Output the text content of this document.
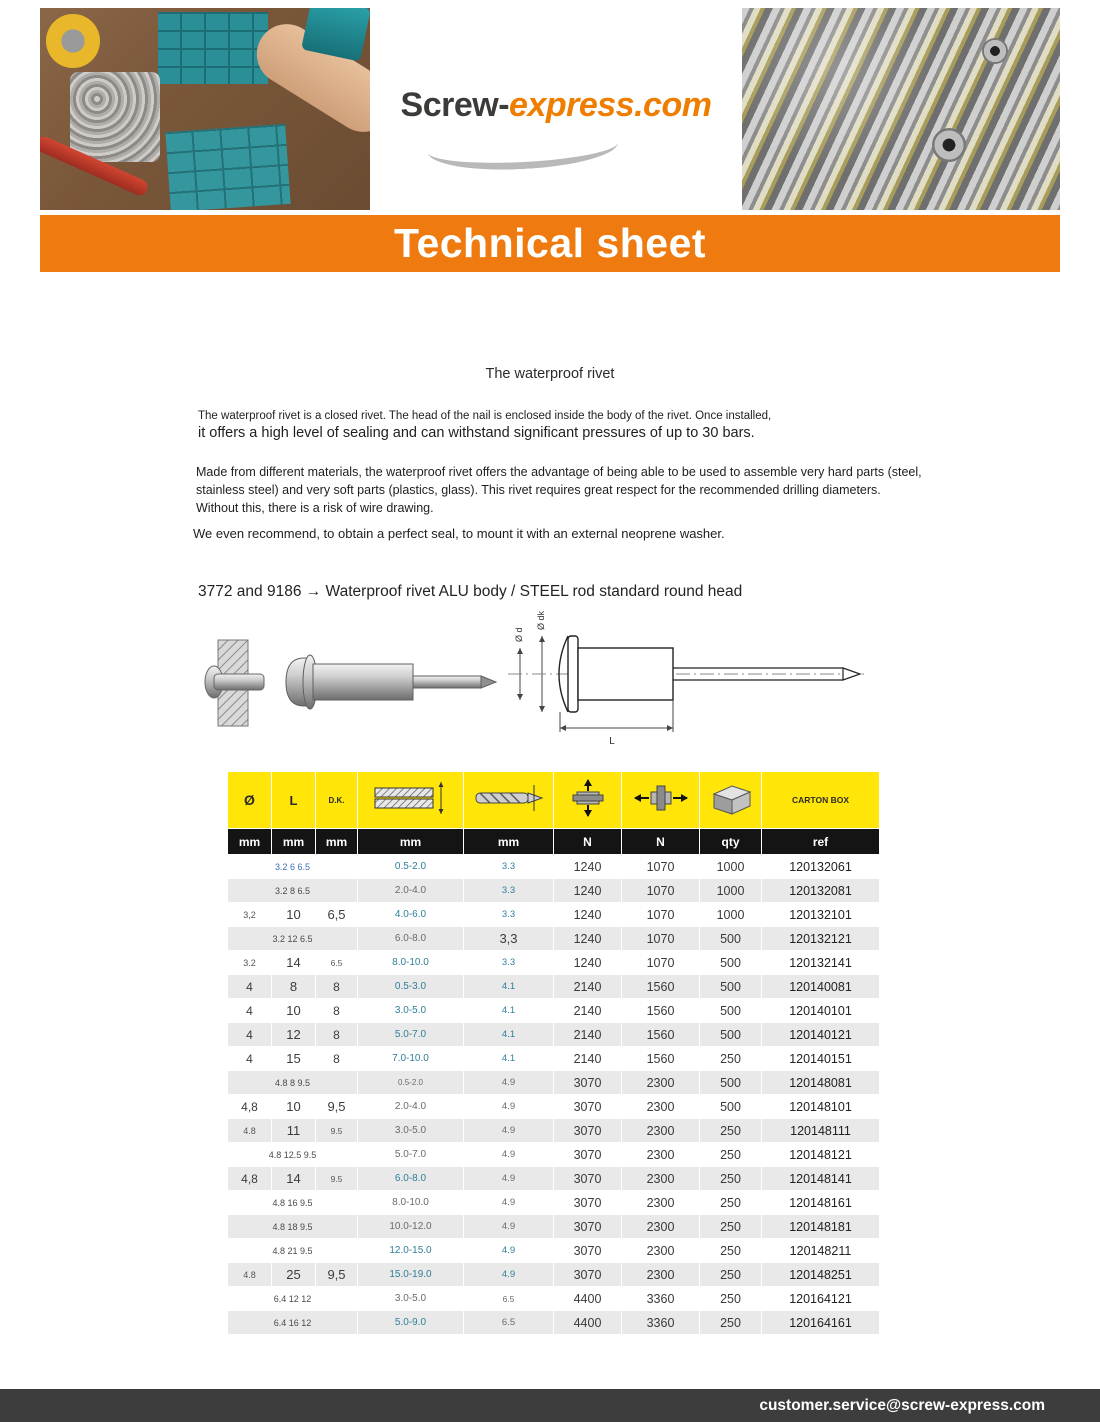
Screw-express.com
Technical sheet
The waterproof rivet
The waterproof rivet is a closed rivet. The head of the nail is enclosed inside the body of the rivet. Once installed,
it offers a high level of sealing and can withstand significant pressures of up to 30 bars.
Made from different materials, the waterproof rivet offers the advantage of being able to be used to assemble very hard parts (steel, stainless steel) and very soft parts (plastics, glass). This rivet requires great respect for the recommended drilling diameters. Without this, there is a risk of wire drawing.
We even recommend, to obtain a perfect seal, to mount it with an external neoprene washer.
3772 and 9186 → Waterproof rivet ALU body / STEEL rod standard round head
Ø d
Ø dk
L
Ø	L	D.K.						CARTON BOX
mm	mm	mm	mm	mm	N	N	qty	ref
3.2 6 6.5			0.5-2.0	3.3	1240	1070	1000	120132061
3.2 8 6.5			2.0-4.0	3.3	1240	1070	1000	120132081
3,2	10	6,5	4.0-6.0	3.3	1240	1070	1000	120132101
3.2 12 6.5			6.0-8.0	3,3	1240	1070	500	120132121
3.2	14	6.5	8.0-10.0	3.3	1240	1070	500	120132141
4	8	8	0.5-3.0	4.1	2140	1560	500	120140081
4	10	8	3.0-5.0	4.1	2140	1560	500	120140101
4	12	8	5.0-7.0	4.1	2140	1560	500	120140121
4	15	8	7.0-10.0	4.1	2140	1560	250	120140151
4.8 8 9.5			0.5-2.0	4.9	3070	2300	500	120148081
4,8	10	9,5	2.0-4.0	4.9	3070	2300	500	120148101
4.8	11	9.5	3.0-5.0	4.9	3070	2300	250	120148111
4.8 12.5 9.5			5.0-7.0	4.9	3070	2300	250	120148121
4,8	14	9.5	6.0-8.0	4.9	3070	2300	250	120148141
4.8 16 9.5			8.0-10.0	4.9	3070	2300	250	120148161
4.8 18 9.5			10.0-12.0	4.9	3070	2300	250	120148181
4.8 21 9.5			12.0-15.0	4.9	3070	2300	250	120148211
4.8	25	9,5	15.0-19.0	4.9	3070	2300	250	120148251
6.4 12 12			3.0-5.0	6.5	4400	3360	250	120164121
6.4 16 12			5.0-9.0	6.5	4400	3360	250	120164161
customer.service@screw-express.com
